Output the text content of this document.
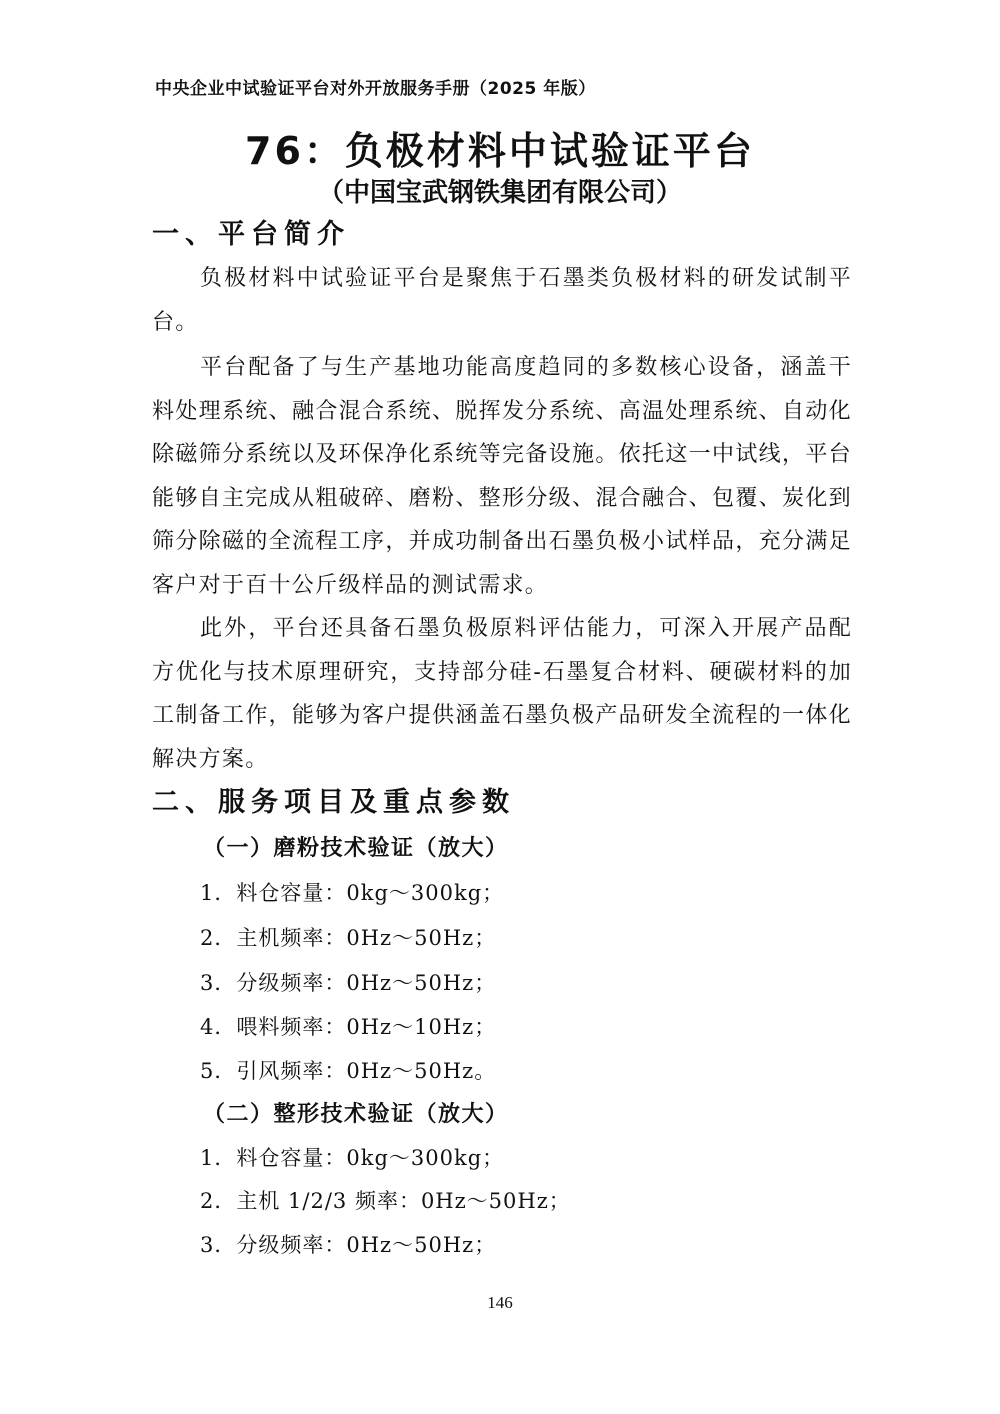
中央企业中试验证平台对外开放服务手册（2025 年版）
76：负极材料中试验证平台
（中国宝武钢铁集团有限公司）
一、平台简介

负极材料中试验证平台是聚焦于石墨类负极材料的研发试制平台。

平台配备了与生产基地功能高度趋同的多数核心设备，涵盖干料处理系统、融合混合系统、脱挥发分系统、高温处理系统、自动化除磁筛分系统以及环保净化系统等完备设施。依托这一中试线，平台能够自主完成从粗破碎、磨粉、整形分级、混合融合、包覆、炭化到筛分除磁的全流程工序，并成功制备出石墨负极小试样品，充分满足客户对于百十公斤级样品的测试需求。

此外，平台还具备石墨负极原料评估能力，可深入开展产品配方优化与技术原理研究，支持部分硅-石墨复合材料、硬碳材料的加工制备工作，能够为客户提供涵盖石墨负极产品研发全流程的一体化解决方案。

二、服务项目及重点参数
（一）磨粉技术验证（放大）
1．料仓容量：0kg～300kg；
2．主机频率：0Hz～50Hz；
3．分级频率：0Hz～50Hz；
4．喂料频率：0Hz～10Hz；
5．引风频率：0Hz～50Hz。
（二）整形技术验证（放大）
1．料仓容量：0kg～300kg；
2．主机 1/2/3 频率：0Hz～50Hz；
3．分级频率：0Hz～50Hz；
146
